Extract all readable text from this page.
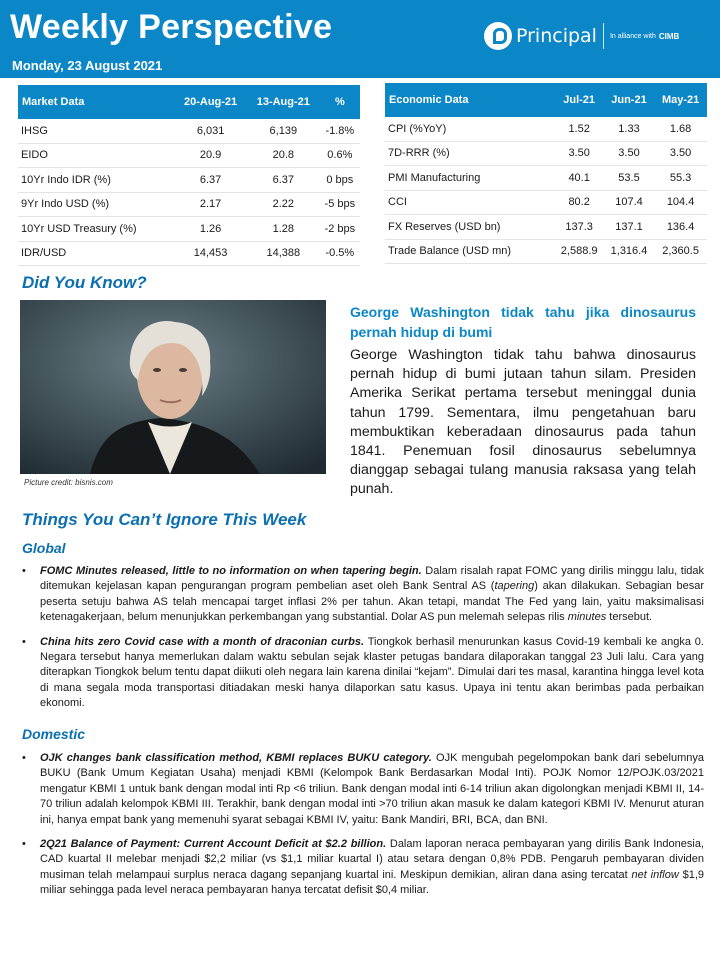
Weekly Perspective
Monday, 23 August 2021
Principal In alliance with CIMB
Market Data	20-Aug-21	13-Aug-21	%
IHSG	6,031	6,139	-1.8%
EIDO	20.9	20.8	0.6%
10Yr Indo IDR (%)	6.37	6.37	0 bps
9Yr Indo USD (%)	2.17	2.22	-5 bps
10Yr USD Treasury (%)	1.26	1.28	-2 bps
IDR/USD	14,453	14,388	-0.5%
Economic Data	Jul-21	Jun-21	May-21
CPI (%YoY)	1.52	1.33	1.68
7D-RRR (%)	3.50	3.50	3.50
PMI Manufacturing	40.1	53.5	55.3
CCI	80.2	107.4	104.4
FX Reserves (USD bn)	137.3	137.1	136.4
Trade Balance (USD mn)	2,588.9	1,316.4	2,360.5
Did You Know?
Picture credit: bisnis.com
George Washington tidak tahu jika dinosaurus pernah hidup di bumi
George Washington tidak tahu bahwa dinosaurus pernah hidup di bumi jutaan tahun silam. Presiden Amerika Serikat pertama tersebut meninggal dunia tahun 1799. Sementara, ilmu pengetahuan baru membuktikan keberadaan dinosaurus pada tahun 1841. Penemuan fosil dinosaurus sebelumnya dianggap sebagai tulang manusia raksasa yang telah punah.
Things You Can’t Ignore This Week
Global
• FOMC Minutes released, little to no information on when tapering begin. Dalam risalah rapat FOMC yang dirilis minggu lalu, tidak ditemukan kejelasan kapan pengurangan program pembelian aset oleh Bank Sentral AS (tapering) akan dilakukan. Sebagian besar peserta setuju bahwa AS telah mencapai target inflasi 2% per tahun. Akan tetapi, mandat The Fed yang lain, yaitu maksimalisasi ketenagakerjaan, belum menunjukkan perkembangan yang substantial. Dolar AS pun melemah selepas rilis minutes tersebut.
• China hits zero Covid case with a month of draconian curbs. Tiongkok berhasil menurunkan kasus Covid-19 kembali ke angka 0. Negara tersebut hanya memerlukan dalam waktu sebulan sejak klaster petugas bandara dilaporakan tanggal 23 Juli lalu. Cara yang diterapkan Tiongkok belum tentu dapat diikuti oleh negara lain karena dinilai “kejam”. Dimulai dari tes masal, karantina hingga level kota di mana segala moda transportasi ditiadakan meski hanya dilaporkan satu kasus. Upaya ini tentu akan berimbas pada perbaikan ekonomi.
Domestic
• OJK changes bank classification method, KBMI replaces BUKU category. OJK mengubah pegelompokan bank dari sebelumnya BUKU (Bank Umum Kegiatan Usaha) menjadi KBMI (Kelompok Bank Berdasarkan Modal Inti). POJK Nomor 12/POJK.03/2021 mengatur KBMI 1 untuk bank dengan modal inti Rp <6 triliun. Bank dengan modal inti 6-14 triliun akan digolongkan menjadi KBMI II, 14-70 triliun adalah kelompok KBMI III. Terakhir, bank dengan modal inti >70 triliun akan masuk ke dalam kategori KBMI IV. Menurut aturan ini, hanya empat bank yang memenuhi syarat sebagai KBMI IV, yaitu: Bank Mandiri, BRI, BCA, dan BNI.
• 2Q21 Balance of Payment: Current Account Deficit at $2.2 billion. Dalam laporan neraca pembayaran yang dirilis Bank Indonesia, CAD kuartal II melebar menjadi $2,2 miliar (vs $1,1 miliar kuartal I) atau setara dengan 0,8% PDB. Pengaruh pembayaran dividen musiman telah melampaui surplus neraca dagang sepanjang kuartal ini. Meskipun demikian, aliran dana asing tercatat net inflow $1,9 miliar sehingga pada level neraca pembayaran hanya tercatat defisit $0,4 miliar.
